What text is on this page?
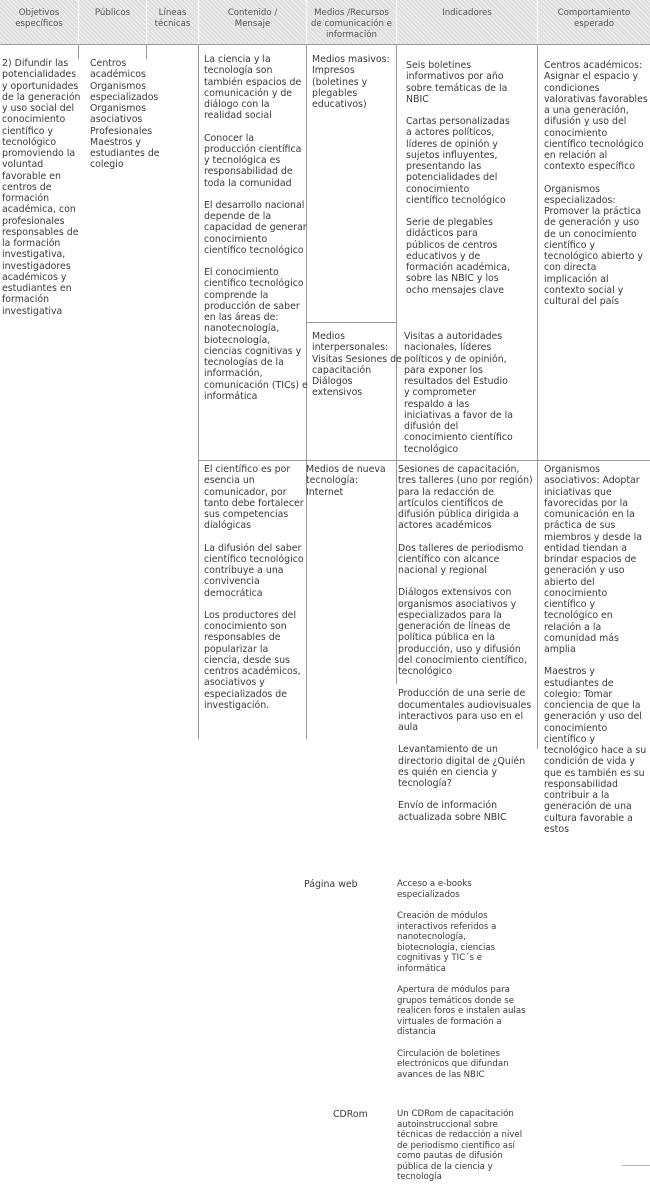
Objetivos específicos
Públicos	Líneas técnicas
Contenido / Mensaje
Medios /Recursos de comunicación e información
Indicadores	Comportamiento esperado
2) Difundir las potencialidades y oportunidades de la generación y uso social del conocimiento científico y tecnológico promoviendo la voluntad favorable en centros de formación académica, con profesionales responsables de la formación investigativa, investigadores académicos y estudiantes en formación investigativa
Centros académicos Organismos especializados Organismos asociativos Profesionales Maestros y estudiantes de colegio
La ciencia y la tecnología son también espacios de comunicación y de diálogo con la realidad social
Conocer la producción científica y tecnológica es responsabilidad de toda la comunidad
El desarrollo nacional depende de la capacidad de generar conocimiento científico tecnológico
El conocimiento científico tecnológico comprende la producción de saber en las áreas de: nanotecnología, biotecnología, ciencias cognitivas y tecnologías de la información, comunicación (TICs) e informática
El científico es por esencia un comunicador, por tanto debe fortalecer sus competencias dialógicas
La difusión del saber científico tecnológico contribuye a una convivencia democrática
Los productores del conocimiento son responsables de popularizar la ciencia, desde sus centros académicos, asociativos y especializados de investigación.
Medios masivos: Impresos (boletines y plegables educativos)
Medios interpersonales: Visitas Sesiones de capacitación Diálogos extensivos
Medios de nueva tecnología: Internet
Página web
CDRom
Seis boletines informativos por año sobre temáticas de la NBIC
Cartas personalizadas a actores políticos, líderes de opinión y sujetos influyentes, presentando las potencialidades del conocimiento científico tecnológico
Serie de plegables didácticos para públicos de centros educativos y de formación académica, sobre las NBIC y los ocho mensajes clave
Visitas a autoridades nacionales, líderes políticos y de opinión, para exponer los resultados del Estudio y comprometer respaldo a las iniciativas a favor de la difusión del conocimiento científico tecnológico
Sesiones de capacitación, tres talleres (uno por región) para la redacción de artículos científicos de difusión pública dirigida a actores académicos
Dos talleres de periodismo científico con alcance nacional y regional
Diálogos extensivos con organismos asociativos y especializados para la generación de líneas de política pública en la producción, uso y difusión del conocimiento científico, tecnológico
Producción de una serie de documentales audiovisuales interactivos para uso en el aula
Levantamiento de un directorio digital de ¿Quién es quién en ciencia y tecnología?
Envío de información actualizada sobre NBIC
Acceso a e-books especializados
Creación de módulos interactivos referidos a nanotecnología, biotecnología, ciencias cognitivas y TIC´s e informática
Apertura de módulos para grupos temáticos donde se realicen foros e instalen aulas virtuales de formación a distancia
Circulación de boletines electrónicos que difundan avances de las NBIC
Un CDRom de capacitación autoinstruccional sobre técnicas de redacción a nivel de periodismo científico así como pautas de difusión pública de la ciencia y tecnología
Centros académicos: Asignar el espacio y condiciones valorativas favorables a una generación, difusión y uso del conocimiento científico tecnológico en relación al contexto específico
Organismos especializados: Promover la práctica de generación y uso de un conocimiento científico y tecnológico abierto y con directa implicación al contexto social y cultural del país
Organismos asociativos: Adoptar iniciativas que favorecidas por la comunicación en la práctica de sus miembros y desde la entidad tiendan a brindar espacios de generación y uso abierto del conocimiento científico y tecnológico en relación a la comunidad más amplia
Maestros y estudiantes de colegio: Tomar conciencia de que la generación y uso del conocimiento científico y tecnológico hace a su condición de vida y que es también es su responsabilidad contribuir a la generación de una cultura favorable a estos
